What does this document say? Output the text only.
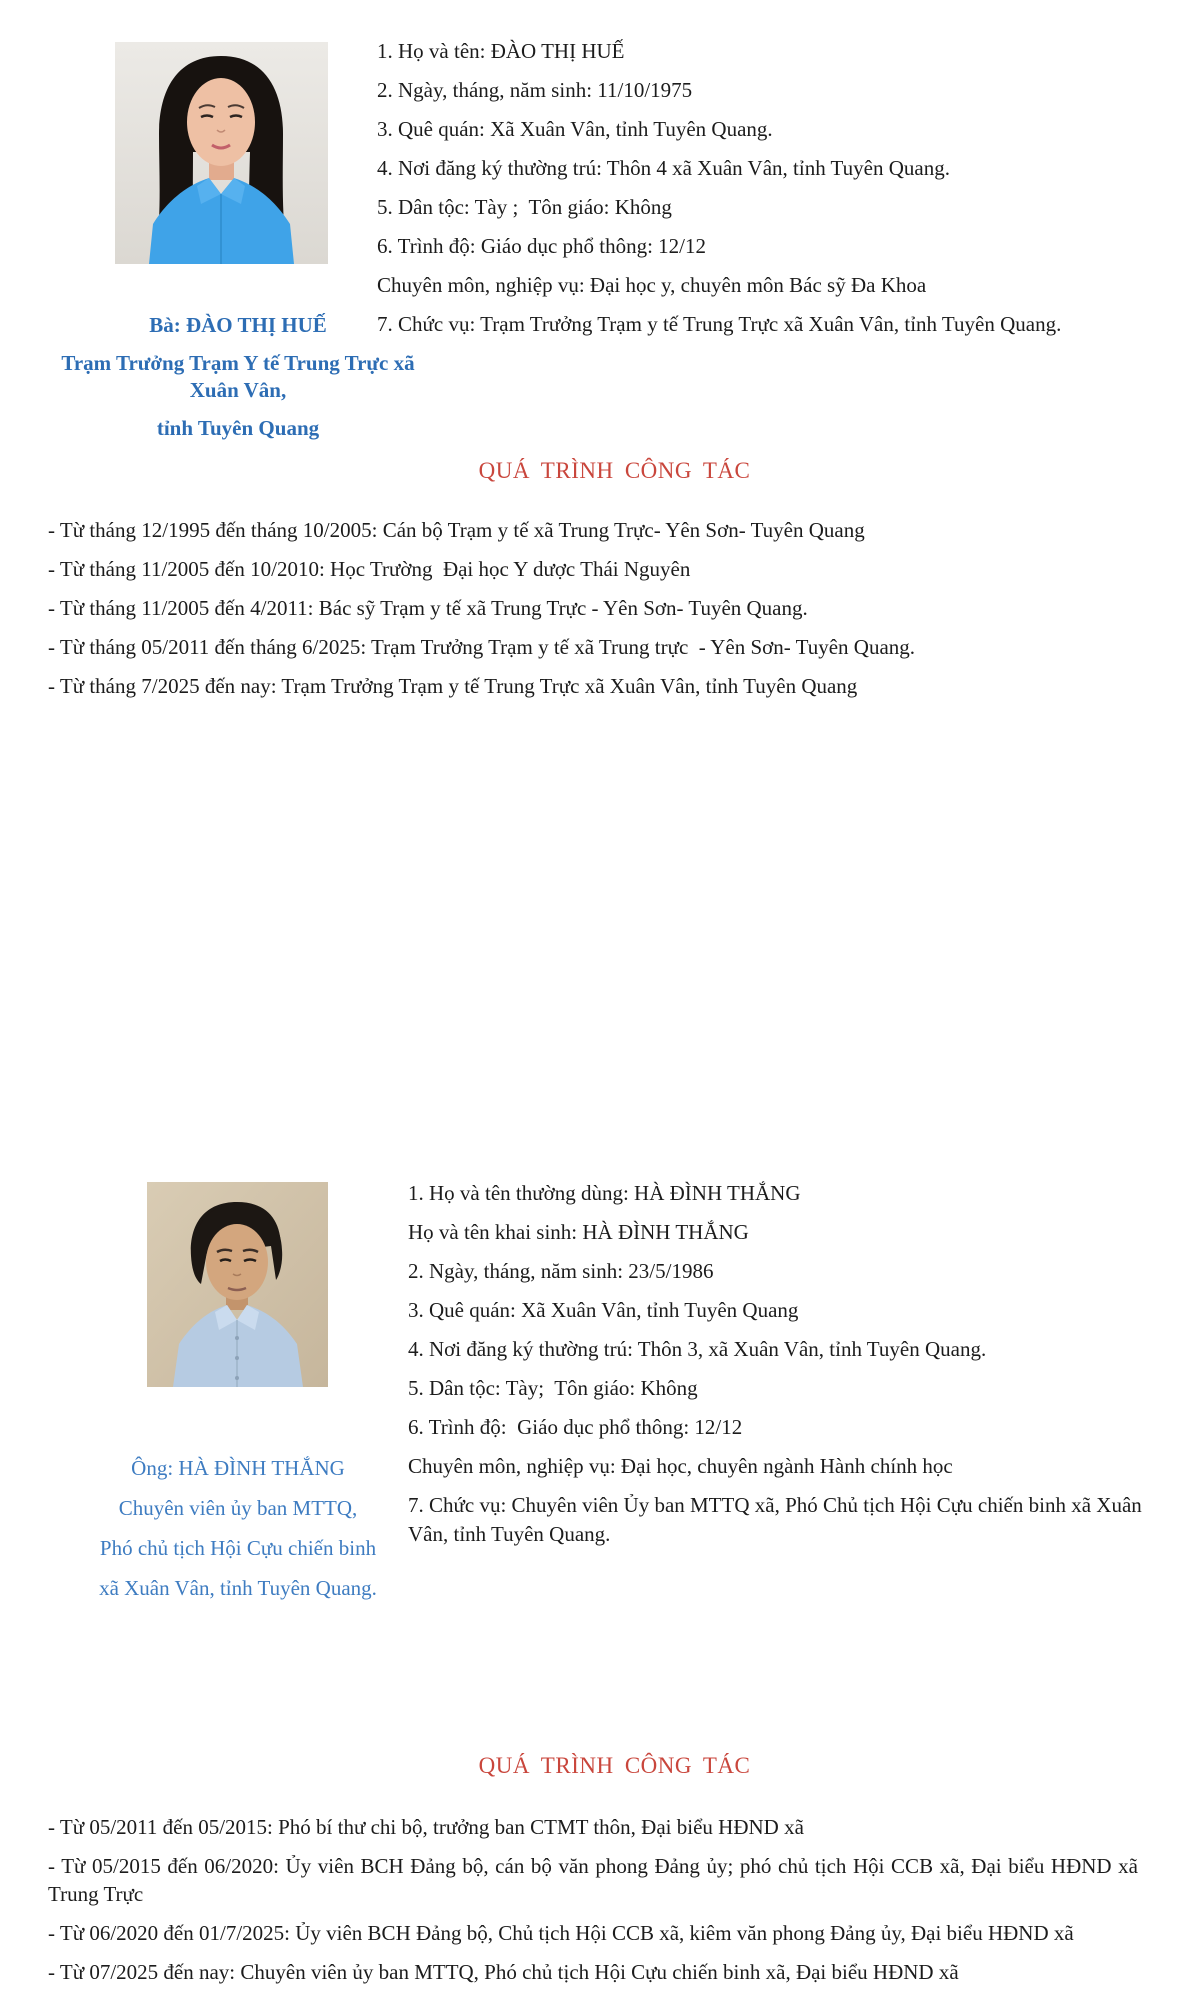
1. Họ và tên: ĐÀO THỊ HUẾ
2. Ngày, tháng, năm sinh: 11/10/1975
3. Quê quán: Xã Xuân Vân, tỉnh Tuyên Quang.
4. Nơi đăng ký thường trú: Thôn 4 xã Xuân Vân, tỉnh Tuyên Quang.
5. Dân tộc: Tày ;  Tôn giáo: Không
6. Trình độ: Giáo dục phổ thông: 12/12
Chuyên môn, nghiệp vụ: Đại học y, chuyên môn Bác sỹ Đa Khoa
7. Chức vụ: Trạm Trưởng Trạm y tế Trung Trực xã Xuân Vân, tỉnh Tuyên Quang.
Bà: ĐÀO THỊ HUẾ
Trạm Trưởng Trạm Y tế Trung Trực xã Xuân Vân,
tỉnh Tuyên Quang
QUÁ TRÌNH CÔNG TÁC
- Từ tháng 12/1995 đến tháng 10/2005: Cán bộ Trạm y tế xã Trung Trực- Yên Sơn- Tuyên Quang
- Từ tháng 11/2005 đến 10/2010: Học Trường  Đại học Y dược Thái Nguyên
- Từ tháng 11/2005 đến 4/2011: Bác sỹ Trạm y tế xã Trung Trực - Yên Sơn- Tuyên Quang.
- Từ tháng 05/2011 đến tháng 6/2025: Trạm Trưởng Trạm y tế xã Trung trực  - Yên Sơn- Tuyên Quang.
- Từ tháng 7/2025 đến nay: Trạm Trưởng Trạm y tế Trung Trực xã Xuân Vân, tỉnh Tuyên Quang
1. Họ và tên thường dùng: HÀ ĐÌNH THẮNG
Họ và tên khai sinh: HÀ ĐÌNH THẮNG
2. Ngày, tháng, năm sinh: 23/5/1986
3. Quê quán: Xã Xuân Vân, tỉnh Tuyên Quang
4. Nơi đăng ký thường trú: Thôn 3, xã Xuân Vân, tỉnh Tuyên Quang.
5. Dân tộc: Tày;  Tôn giáo: Không
6. Trình độ:  Giáo dục phổ thông: 12/12
Chuyên môn, nghiệp vụ: Đại học, chuyên ngành Hành chính học
7. Chức vụ: Chuyên viên Ủy ban MTTQ xã, Phó Chủ tịch Hội Cựu chiến binh xã Xuân Vân, tỉnh Tuyên Quang.
Ông: HÀ ĐÌNH THẮNG
Chuyên viên ủy ban MTTQ,
Phó chủ tịch Hội Cựu chiến binh
xã Xuân Vân, tỉnh Tuyên Quang.
QUÁ TRÌNH CÔNG TÁC
- Từ 05/2011 đến 05/2015: Phó bí thư chi bộ, trưởng ban CTMT thôn, Đại biểu HĐND xã
- Từ 05/2015 đến 06/2020: Ủy viên BCH Đảng bộ, cán bộ văn phong Đảng ủy; phó chủ tịch Hội CCB xã, Đại biểu HĐND xã Trung Trực
- Từ 06/2020 đến 01/7/2025: Ủy viên BCH Đảng bộ, Chủ tịch Hội CCB xã, kiêm văn phong Đảng ủy, Đại biểu HĐND xã
- Từ 07/2025 đến nay: Chuyên viên ủy ban MTTQ, Phó chủ tịch Hội Cựu chiến binh xã, Đại biểu HĐND xã
